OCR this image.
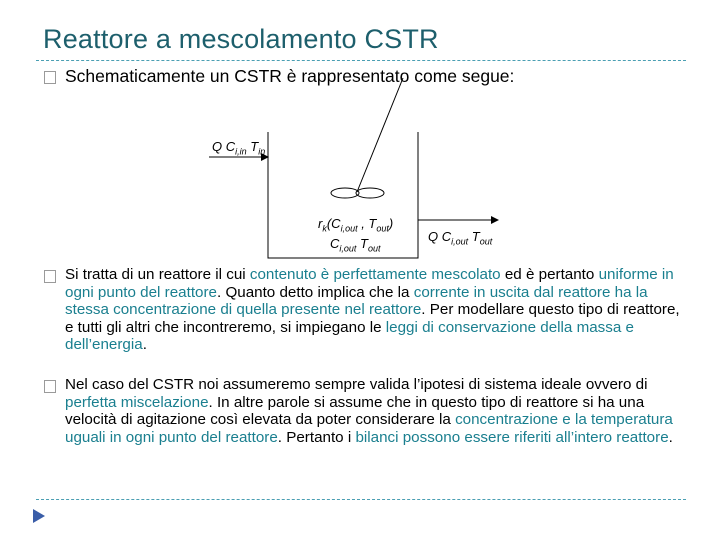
Reattore a mescolamento CSTR
Schematicamente un CSTR è rappresentato come segue:
Q $C_{i,in}$ $T_{in}$
$r_k(C_{i,out}$ , $T_{out}$)
$C_{i,out}$ $T_{out}$
Q $C_{i,out}$ $T_{out}$

Si tratta di un reattore il cui contenuto è perfettamente mescolato ed è pertanto uniforme in ogni punto del reattore. Quanto detto implica che la corrente in uscita dal reattore ha la stessa concentrazione di quella presente nel reattore. Per modellare questo tipo di reattore, e tutti gli altri che incontreremo, si impiegano le leggi di conservazione della massa e dell’energia.

Nel caso del CSTR noi assumeremo sempre valida l’ipotesi di sistema ideale ovvero di perfetta miscelazione. In altre parole si assume che in questo tipo di reattore si ha una velocità di agitazione così elevata da poter considerare la concentrazione e la temperatura uguali in ogni punto del reattore. Pertanto i bilanci possono essere riferiti all’intero reattore.
